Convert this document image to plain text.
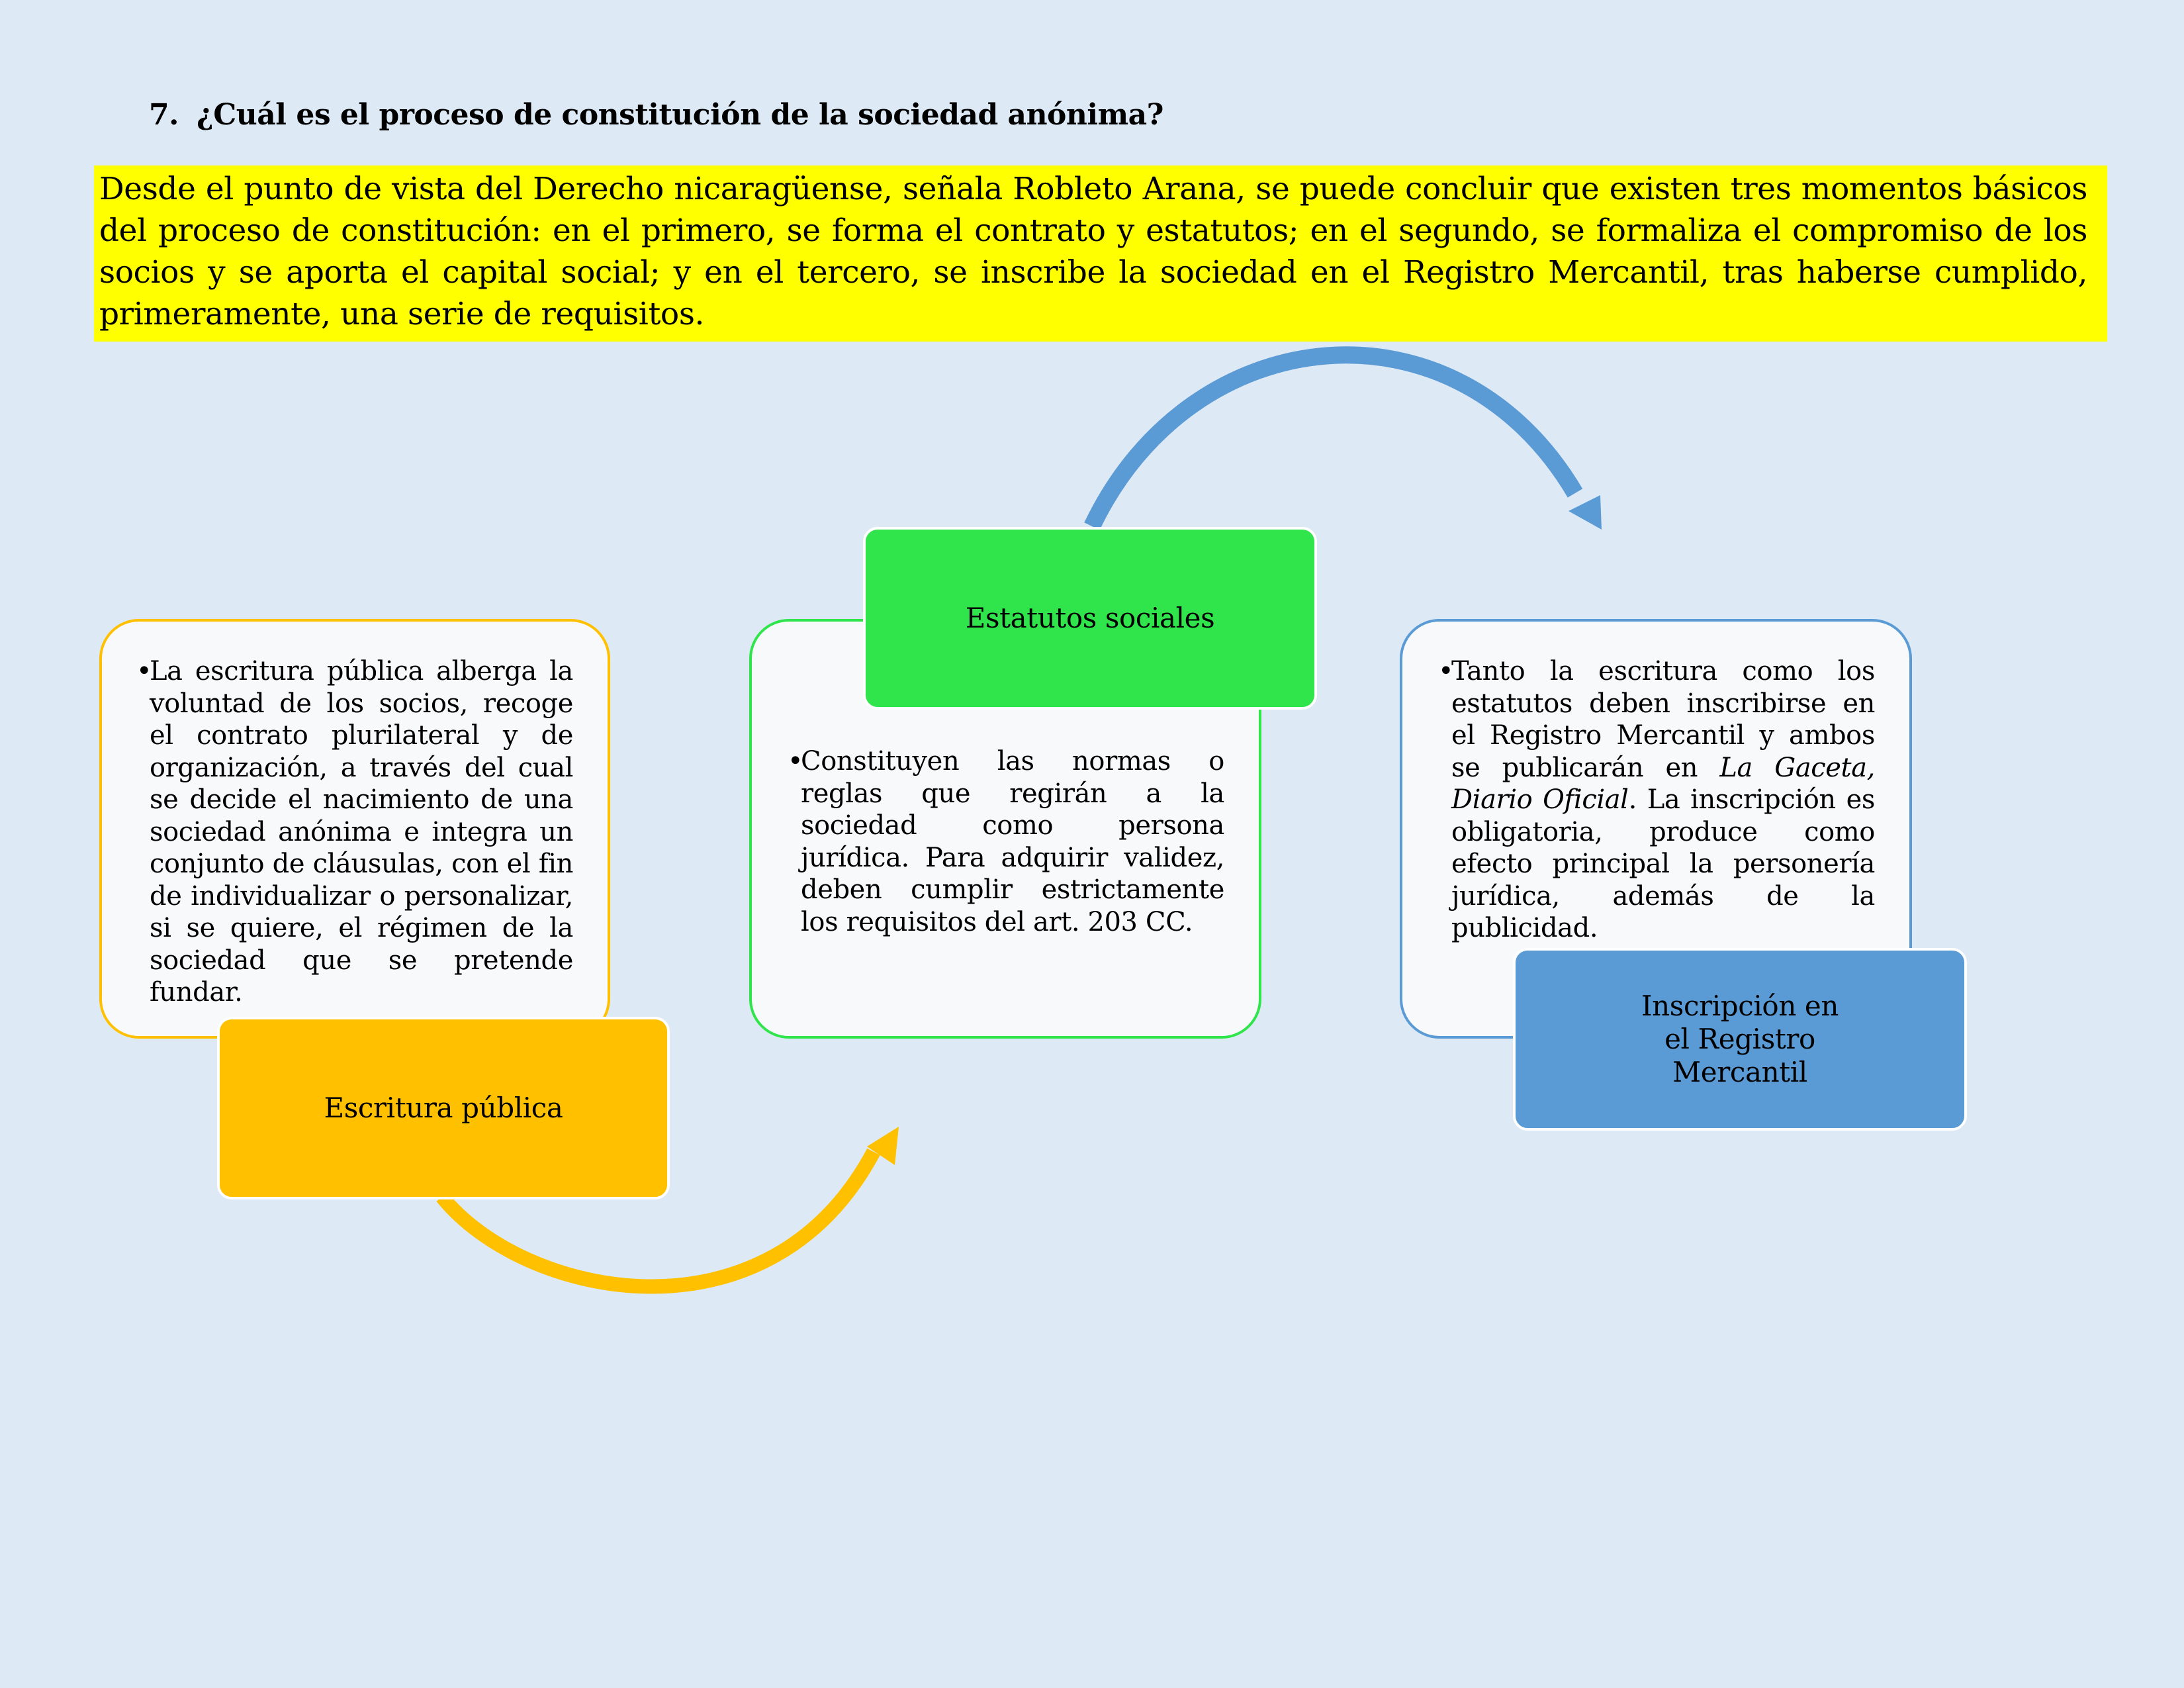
7. ¿Cuál es el proceso de constitución de la sociedad anónima?
Desde el punto de vista del Derecho nicaragüense, señala Robleto Arana, se puede concluir que existen tres momentos básicos del proceso de constitución: en el primero, se forma el contrato y estatutos; en el segundo, se formaliza el compromiso de los socios y se aporta el capital social; y en el tercero, se inscribe la sociedad en el Registro Mercantil, tras haberse cumplido, primeramente, una serie de requisitos.
•
La escritura pública alberga la voluntad de los socios, recoge el contrato plurilateral y de organización, a través del cual se decide el nacimiento de una sociedad anónima e integra un conjunto de cláusulas, con el fin de individualizar o personalizar, si se quiere, el régimen de la sociedad que se pretende fundar.
Escritura pública
•
Constituyen las normas o reglas que regirán a la sociedad como persona jurídica. Para adquirir validez, deben cumplir estrictamente los requisitos del art. 203 CC.
Estatutos sociales
•
Tanto la escritura como los estatutos deben inscribirse en el Registro Mercantil y ambos se publicarán en La Gaceta, Diario Oficial. La inscripción es obligatoria, produce como efecto principal la personería jurídica, además de la publicidad.
Inscripción en el Registro Mercantil
